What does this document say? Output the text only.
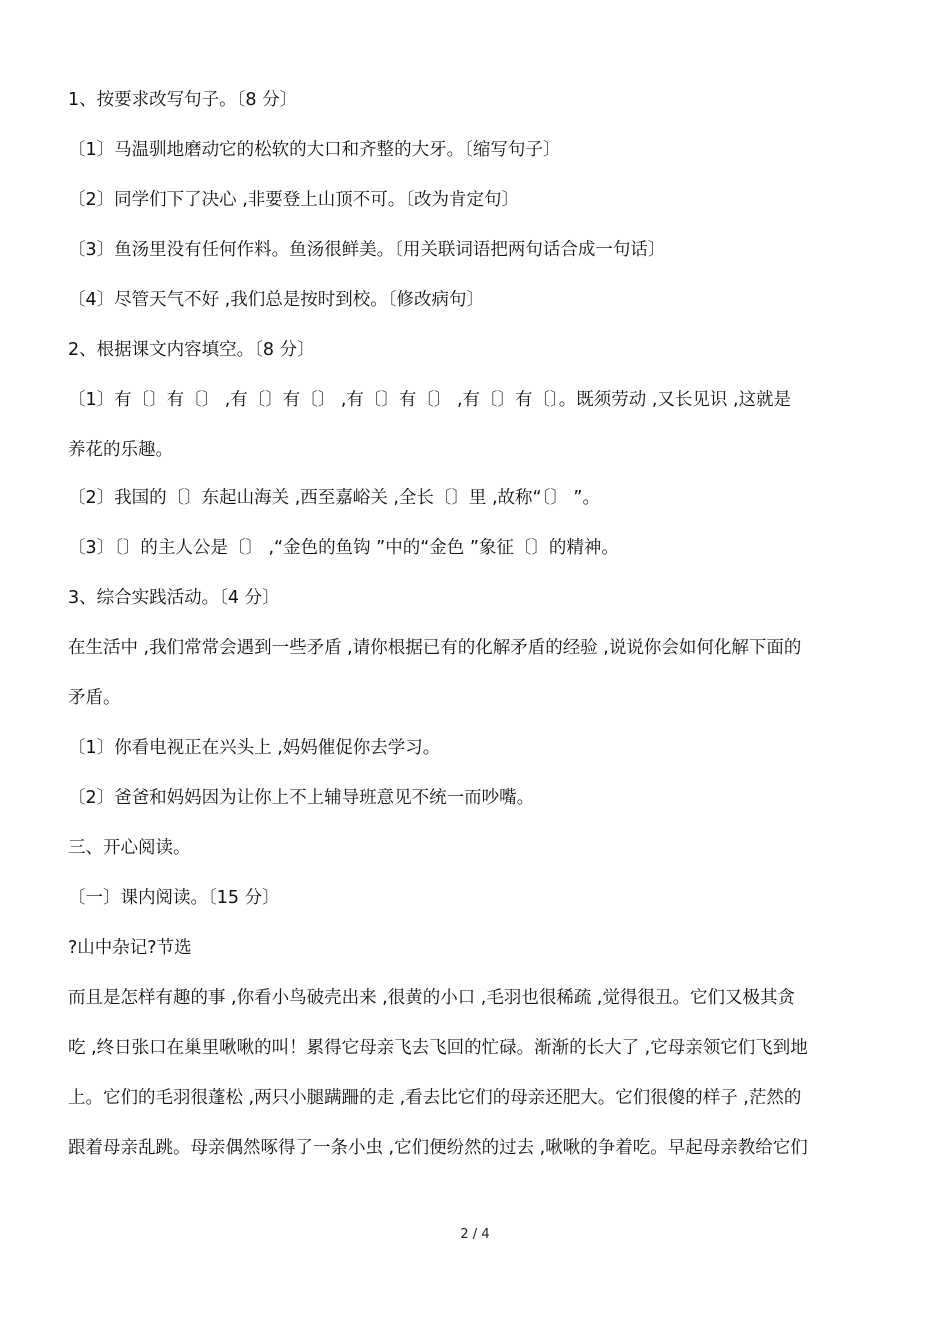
1、按要求改写句子。〔8 分〕
〔1〕马温驯地磨动它的松软的大口和齐整的大牙。〔缩写句子〕
〔2〕同学们下了决心 ,非要登上山顶不可。〔改为肯定句〕
〔3〕鱼汤里没有任何作料。鱼汤很鲜美。〔用关联词语把两句话合成一句话〕
〔4〕尽管天气不好 ,我们总是按时到校。〔修改病句〕
2、根据课文内容填空。〔8 分〕
〔1〕有〔〕有〔〕 ,有〔〕有〔〕 ,有〔〕有〔〕 ,有〔〕有〔〕。既须劳动 ,又长见识 ,这就是
养花的乐趣。
〔2〕我国的〔〕东起山海关 ,西至嘉峪关 ,全长〔〕里 ,故称“〔〕 ”。
〔3〕〔〕的主人公是〔〕 ,“金色的鱼钩 ”中的“金色 ”象征〔〕的精神。
3、综合实践活动。〔4 分〕
在生活中 ,我们常常会遇到一些矛盾 ,请你根据已有的化解矛盾的经验 ,说说你会如何化解下面的
矛盾。
〔1〕你看电视正在兴头上 ,妈妈催促你去学习。
〔2〕爸爸和妈妈因为让你上不上辅导班意见不统一而吵嘴。
三、开心阅读。
〔一〕课内阅读。〔15 分〕
?山中杂记?节选
而且是怎样有趣的事 ,你看小鸟破壳出来 ,很黄的小口 ,毛羽也很稀疏 ,觉得很丑。它们又极其贪
吃 ,终日张口在巢里啾啾的叫！累得它母亲飞去飞回的忙碌。渐渐的长大了 ,它母亲领它们飞到地
上。它们的毛羽很蓬松 ,两只小腿蹒跚的走 ,看去比它们的母亲还肥大。它们很傻的样子 ,茫然的
跟着母亲乱跳。母亲偶然啄得了一条小虫 ,它们便纷然的过去 ,啾啾的争着吃。早起母亲教给它们
2 / 4
